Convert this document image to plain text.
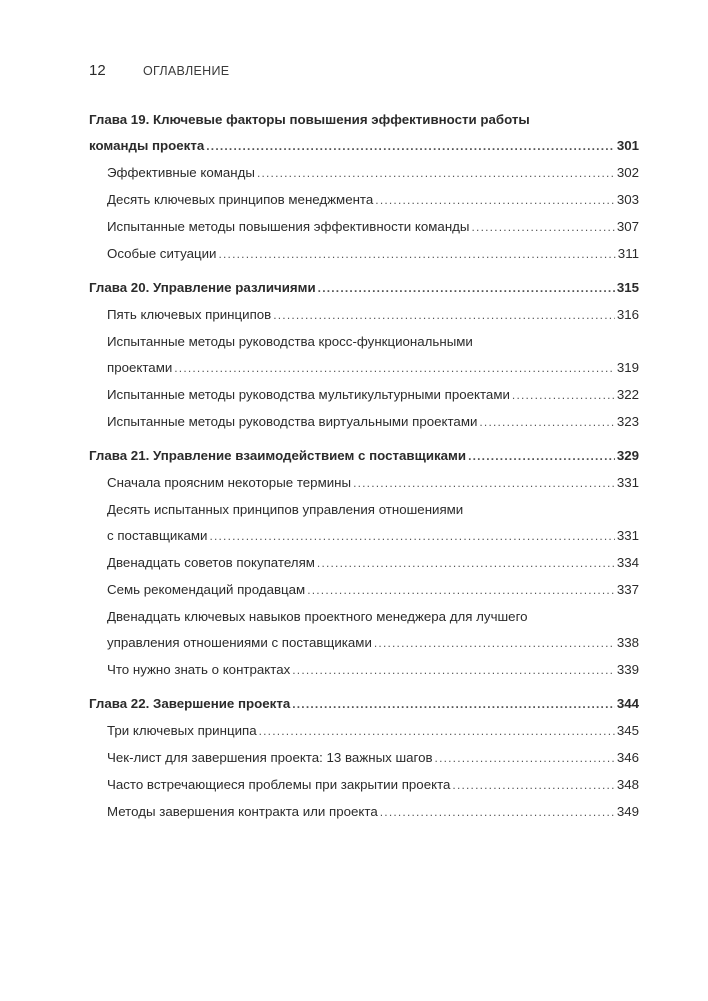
12	ОГЛАВЛЕНИЕ
Глава 19. Ключевые факторы повышения эффективности работы
команды проекта .....	301
Эффективные команды .....	302
Десять ключевых принципов менеджмента .....	303
Испытанные методы повышения эффективности команды .....	307
Особые ситуации .....	311
Глава 20. Управление различиями .....	315
Пять ключевых принципов .....	316
Испытанные методы руководства кросс-функциональными
проектами .....	319
Испытанные методы руководства мультикультурными проектами .....	322
Испытанные методы руководства виртуальными проектами .....	323
Глава 21. Управление взаимодействием с поставщиками .....	329
Сначала проясним некоторые термины .....	331
Десять испытанных принципов управления отношениями
с поставщиками .....	331
Двенадцать советов покупателям .....	334
Семь рекомендаций продавцам .....	337
Двенадцать ключевых навыков проектного менеджера для лучшего
управления отношениями с поставщиками .....	338
Что нужно знать о контрактах .....	339
Глава 22. Завершение проекта .....	344
Три ключевых принципа .....	345
Чек-лист для завершения проекта: 13 важных шагов .....	346
Часто встречающиеся проблемы при закрытии проекта .....	348
Методы завершения контракта или проекта .....	349
